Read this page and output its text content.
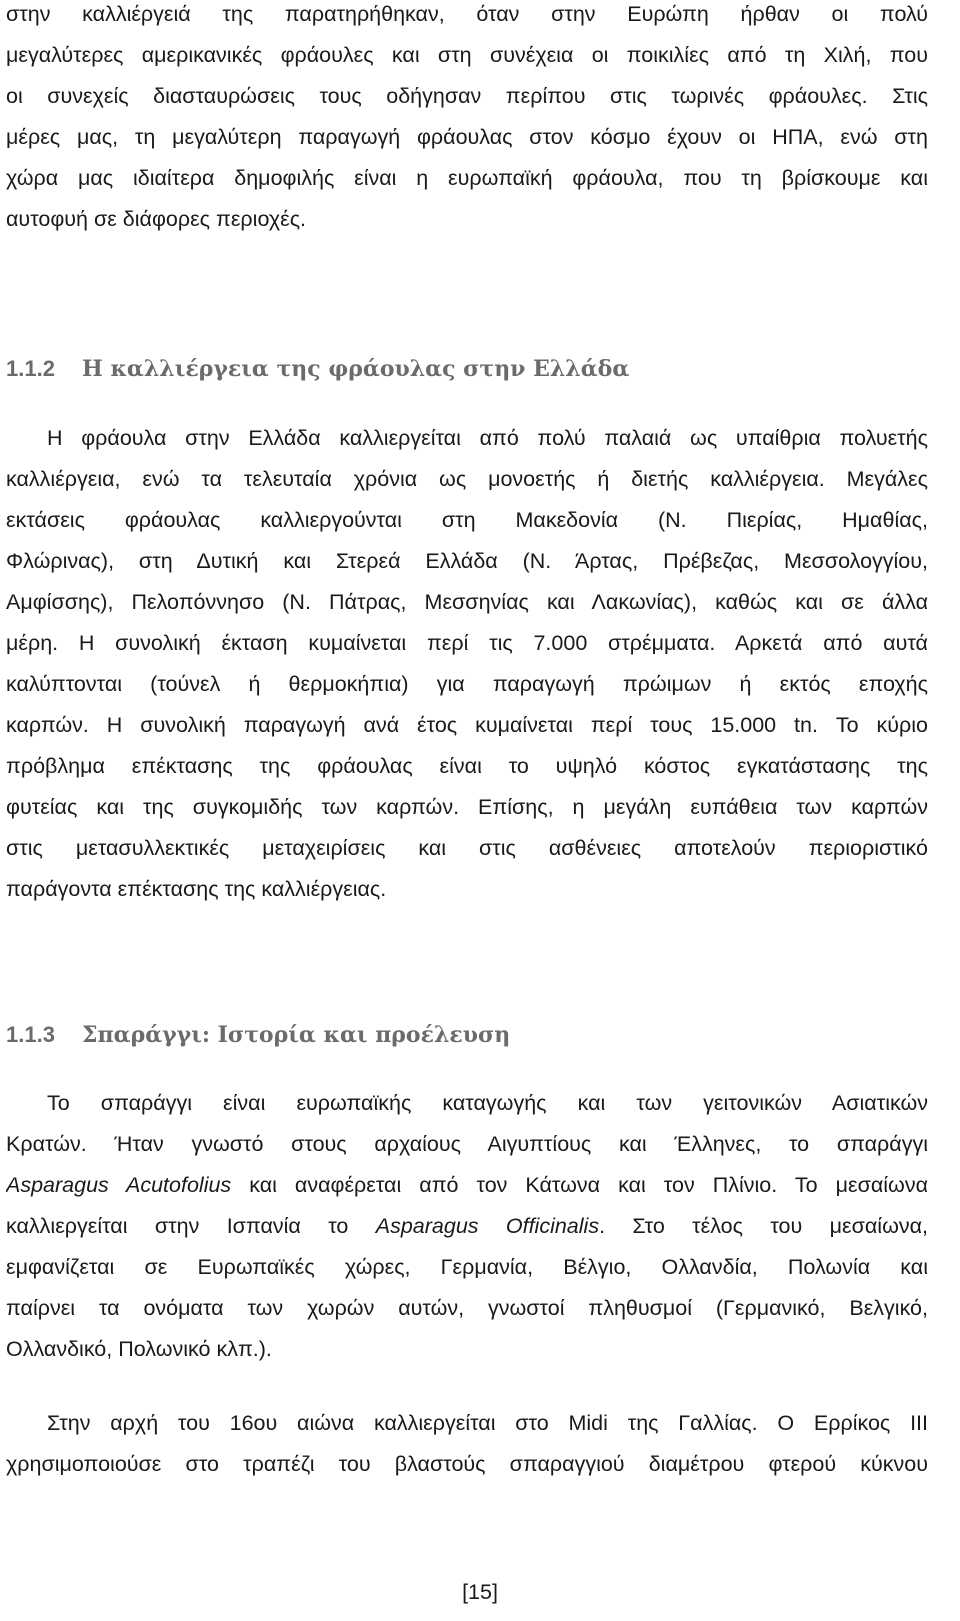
στην καλλιέργειά της παρατηρήθηκαν, όταν στην Ευρώπη ήρθαν οι πολύ
μεγαλύτερες αμερικανικές φράουλες και στη συνέχεια οι ποικιλίες από τη Χιλή, που
οι συνεχείς διασταυρώσεις τους οδήγησαν περίπου στις τωρινές φράουλες. Στις
μέρες μας, τη μεγαλύτερη παραγωγή φράουλας στον κόσμο έχουν οι ΗΠΑ, ενώ στη
χώρα μας ιδιαίτερα δημοφιλής είναι η ευρωπαϊκή φράουλα, που τη βρίσκουμε και
αυτοφυή σε διάφορες περιοχές.
1.1.2 Η καλλιέργεια της φράουλας στην Ελλάδα
Η φράουλα στην Ελλάδα καλλιεργείται από πολύ παλαιά ως υπαίθρια πολυετής
καλλιέργεια, ενώ τα τελευταία χρόνια ως μονοετής ή διετής καλλιέργεια. Μεγάλες
εκτάσεις φράουλας καλλιεργούνται στη Μακεδονία (Ν. Πιερίας, Ημαθίας,
Φλώρινας), στη Δυτική και Στερεά Ελλάδα (Ν. Άρτας, Πρέβεζας, Μεσσολογγίου,
Αμφίσσης), Πελοπόννησο (Ν. Πάτρας, Μεσσηνίας και Λακωνίας), καθώς και σε άλλα
μέρη. Η συνολική έκταση κυμαίνεται περί τις 7.000 στρέμματα. Αρκετά από αυτά
καλύπτονται (τούνελ ή θερμοκήπια) για παραγωγή πρώιμων ή εκτός εποχής
καρπών. Η συνολική παραγωγή ανά έτος κυμαίνεται περί τους 15.000 tn. Το κύριο
πρόβλημα επέκτασης της φράουλας είναι το υψηλό κόστος εγκατάστασης της
φυτείας και της συγκομιδής των καρπών. Επίσης, η μεγάλη ευπάθεια των καρπών
στις μετασυλλεκτικές μεταχειρίσεις και στις ασθένειες αποτελούν περιοριστικό
παράγοντα επέκτασης της καλλιέργειας.
1.1.3 Σπαράγγι: Ιστορία και προέλευση
Το σπαράγγι είναι ευρωπαϊκής καταγωγής και των γειτονικών Ασιατικών
Κρατών. Ήταν γνωστό στους αρχαίους Αιγυπτίους και Έλληνες, το σπαράγγι
Asparagus Acutofolius και αναφέρεται από τον Κάτωνα και τον Πλίνιο. Το μεσαίωνα
καλλιεργείται στην Ισπανία το Asparagus Officinalis. Στο τέλος του μεσαίωνα,
εμφανίζεται σε Ευρωπαϊκές χώρες, Γερμανία, Βέλγιο, Ολλανδία, Πολωνία και
παίρνει τα ονόματα των χωρών αυτών, γνωστοί πληθυσμοί (Γερμανικό, Βελγικό,
Ολλανδικό, Πολωνικό κλπ.).
Στην αρχή του 16ου αιώνα καλλιεργείται στο Midi της Γαλλίας. Ο Ερρίκος ΙΙΙ
χρησιμοποιούσε στο τραπέζι του βλαστούς σπαραγγιού διαμέτρου φτερού κύκνου
[15]
